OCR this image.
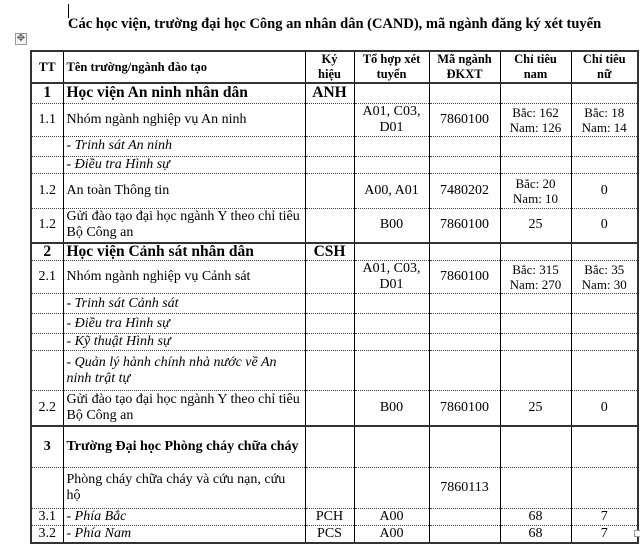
Các học viện, trường đại học Công an nhân dân (CAND), mã ngành đăng ký xét tuyển
✥
TT	Tên trường/ngành đào tạo	Ký hiệu	Tổ hợp xét tuyển	Mã ngành ĐKXT	Chỉ tiêu nam	Chỉ tiêu nữ
1	Học viện An ninh nhân dân	ANH				
1.1	Nhóm ngành nghiệp vụ An ninh		A01, C03, D01	7860100	Bắc: 162 Nam: 126	Bắc: 18 Nam: 14
	- Trinh sát An ninh					
	- Điều tra Hình sự					
1.2	An toàn Thông tin		A00, A01	7480202	Bắc: 20 Nam: 10	0
1.2	Gửi đào tạo đại học ngành Y theo chỉ tiêu Bộ Công an		B00	7860100	25	0
2	Học viện Cảnh sát nhân dân	CSH				
2.1	Nhóm ngành nghiệp vụ Cảnh sát		A01, C03, D01	7860100	Bắc: 315 Nam: 270	Bắc: 35 Nam: 30
	- Trinh sát Cảnh sát					
	- Điều tra Hình sự					
	- Kỹ thuật Hình sự					
	- Quản lý hành chính nhà nước về An ninh trật tự					
2.2	Gửi đào tạo đại học ngành Y theo chỉ tiêu Bộ Công an		B00	7860100	25	0
3	Trường Đại học Phòng cháy chữa cháy					
	Phòng cháy chữa cháy và cứu nạn, cứu hộ			7860113		
3.1	- Phía Bắc	PCH	A00		68	7
3.2	- Phía Nam	PCS	A00		68	7
